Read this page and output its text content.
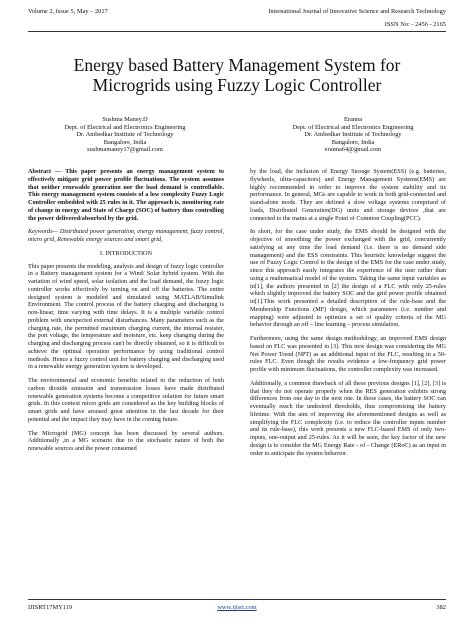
Volume 2, Issue 5, May – 2017	International Journal of Innovative Science and Research Technology
ISSN No: - 2456 - 2165
Energy based Battery Management System for
Microgrids using Fuzzy Logic Controller
Sushma Maney.D
Dept. of Electrical and Electronics Engineering
Dr. Ambedkar Institute of Technology
Bangalore, India
sushmamaney17@gmail.com
Eranna
Dept. of Electrical and Electronics Engineering
Dr. Ambedkar Institute of Technology
Bangalore, India
eranna64@gmail.com

Abstract — This paper presents an energy management system to effectively mitigate grid power profile fluctuations. The system assumes that neither renewable generation nor the load demand is controllable. This energy management system consists of a low complexity Fuzzy Logic Controller embedded with 25 rules in it. The approach is, monitoring rate of change in energy and State of Charge (SOC) of battery thus controlling the power delivered/absorbed by the grid.

Keywords— Distributed power generation, energy management, fuzzy control, micro grid, Renewable energy sources and smart grid,

I. INTRODUCTION

This paper presents the modeling, analysis and design of fuzzy logic controller in a Battery management system for a Wind/ Solar hybrid system. With the variation of wind speed, solar isolation and the load demand, the fuzzy logic controller works effectively by turning on and off the batteries. The entire designed system is modeled and simulated using MATLAB/Simulink Environment. The control process of the battery charging and discharging is non-linear, time varying with time delays. It is a multiple variable control problem with unexpected external disturbances. Many parameters such as the charging rate, the permitted maximum charging current, the internal resister, the port voltage, the temperature and moisture, etc. keep changing during the charging and discharging process can't be directly obtained, so it is difficult to achieve the optimal operation performance by using traditional control methods. Hence a fuzzy control unit for battery charging and discharging used in a renewable energy generation system is developed.

The environmental and economic benefits related to the reduction of both carbon dioxide emission and transmission losses have made distributed renewable generation systems become a competitive solution for future smart grids. In this context micro grids are considered as the key building blocks of smart grids and have aroused great attention in the last decade for their potential and the impact they may have in the coming future.

The Microgrid (MG) concept has been discussed by several authors. Additionally ,in a MG scenario due to the stochastic nature of both the renewable sources and the power consumed

by the load, the inclusion of Energy Storage System(ESS) (e.g. batteries, flywheels, ultra-capacitors) and Energy Management Systems(EMS) are highly recommended in order to improve the system stability and its performance. In general, MGs are capable to work in both grid-connected and stand-alone mode. They are defined a slow voltage systems comprised of loads, Distributed Generation(DG) units and storage devices ,that are connected to the mains at a single Point of Common Coupling(PCC).

In short, for the case under study, the EMS should be designed with the objective of smoothing the power exchanged with the grid, concurrently satisfying at any time the load demand (i.e. there is no demand side management) and the ESS constraints. This heuristic knowledge suggest the use of Fuzzy Logic Control to the design of the EMS for the case under study, since this approach easily integrates the experience of the user rather than using a mathematical model of the system. Taking the same input variables as in[1], the authors presented in [2] the design of a FLC with only 25-rules which slightly improved the battery SOC and the grid power profile obtained in[1].This work presented a detailed description of the rule-base and the Membership Functions (MF) design, which parameters (i.e. number and mapping) were adjusted to optimize a set of quality criteria of the MG behavior through an off – line learning – process simulation.

Furthermore, using the same design methodology, an improved EMS design based on FLC was presented in [3]. This new design was considering the MG Net Power Trend (NPT) as an additional input of the FLC, resulting in a 50-rules FLC. Even though the results evidence a low-frequency grid power profile with minimum fluctuations, the controller complexity was increased.

Additionally, a common drawback of all these previous designs [1], [2], [3] is that they do not operate properly when the RES generation exhibits strong differences from one day to the next one. In these cases, the battery SOC can eventually reach the undesired thresholds, thus compromising the battery lifetime. With the aim of improving the aforementioned designs as well as simplifying the FLC complexity (i.e. to reduce the controller inputs number and its rule-base), this work presents a new FLC-based EMS of only two-inputs, one-output and 25-rules. As it will be seen, the key factor of the new design is to consider the MG Energy Rate - of - Change (ERoC) as an input in order to anticipate the system behavior.

IJISRT17MY119	www.ijisrt.com	382
